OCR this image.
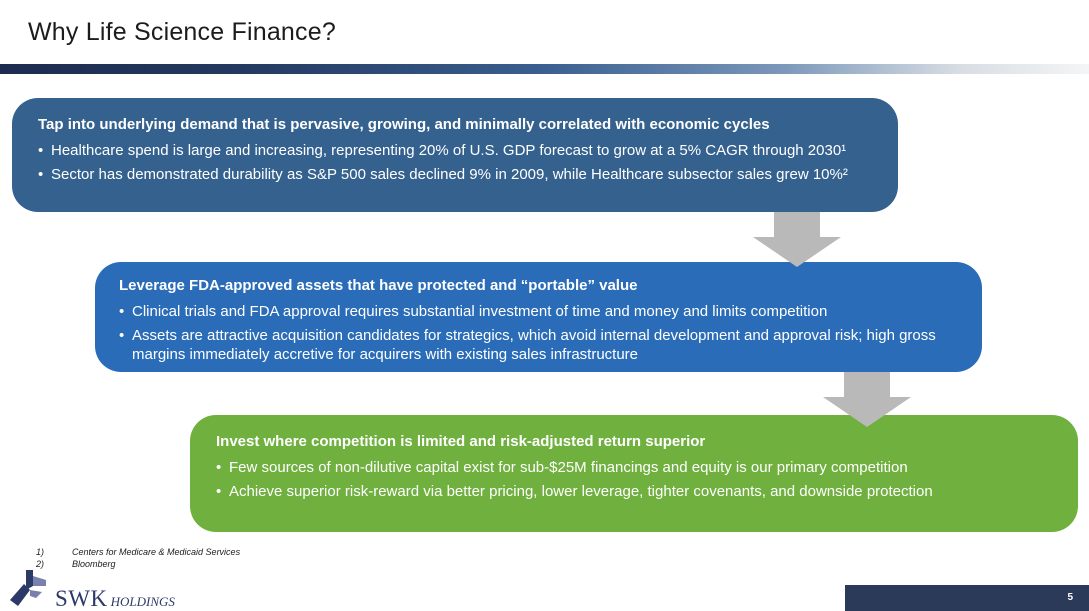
Why Life Science Finance?
Tap into underlying demand that is pervasive, growing, and minimally correlated with economic cycles
• Healthcare spend is large and increasing, representing 20% of U.S. GDP forecast to grow at a 5% CAGR through 2030¹
• Sector has demonstrated durability as S&P 500 sales declined 9% in 2009, while Healthcare subsector sales grew 10%²
Leverage FDA-approved assets that have protected and “portable” value
• Clinical trials and FDA approval requires substantial investment of time and money and limits competition
• Assets are attractive acquisition candidates for strategics, which avoid internal development and approval risk; high gross margins immediately accretive for acquirers with existing sales infrastructure
Invest where competition is limited and risk-adjusted return superior
• Few sources of non-dilutive capital exist for sub-$25M financings and equity is our primary competition
• Achieve superior risk-reward via better pricing, lower leverage, tighter covenants, and downside protection
1)	Centers for Medicare & Medicaid Services
2)	Bloomberg
SWK HOLDINGS	5
